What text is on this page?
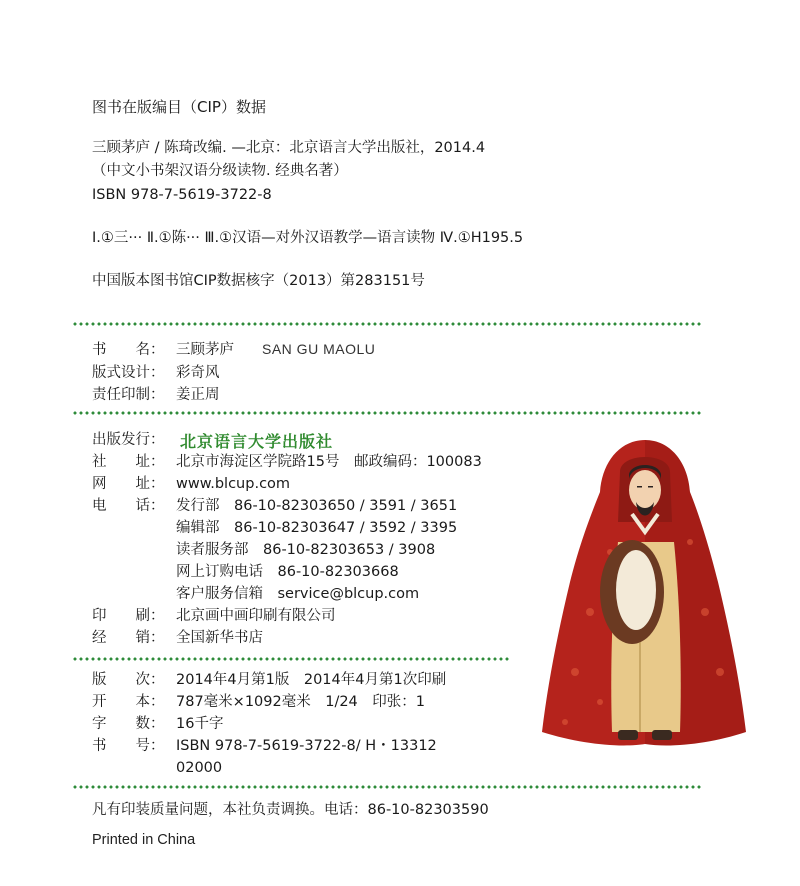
图书在版编目（CIP）数据
三顾茅庐 / 陈琦改编. —北京：北京语言大学出版社，2014.4
（中文小书架汉语分级读物. 经典名著）
ISBN 978-7-5619-3722-8
Ⅰ.①三··· Ⅱ.①陈··· Ⅲ.①汉语—对外汉语教学—语言读物 Ⅳ.①H195.5
中国版本图书馆CIP数据核字（2013）第283151号
书　　名： 三顾茅庐 SAN GU MAOLU
版式设计： 彩奇风
责任印制： 姜正周
出版发行： 北京语言大学出版社
社　　址： 北京市海淀区学院路15号　邮政编码：100083
网　　址： www.blcup.com
电　　话： 发行部　86-10-82303650 / 3591 / 3651
编辑部　86-10-82303647 / 3592 / 3395
读者服务部　86-10-82303653 / 3908
网上订购电话　86-10-82303668
客户服务信箱　service@blcup.com
印　　刷： 北京画中画印刷有限公司
经　　销： 全国新华书店
版　　次： 2014年4月第1版　2014年4月第1次印刷
开　　本： 787毫米×1092毫米　1/24　印张：1
字　　数： 16千字
书　　号： ISBN 978-7-5619-3722-8/ H・13312
02000
凡有印装质量问题，本社负责调换。电话：86-10-82303590
Printed in China
